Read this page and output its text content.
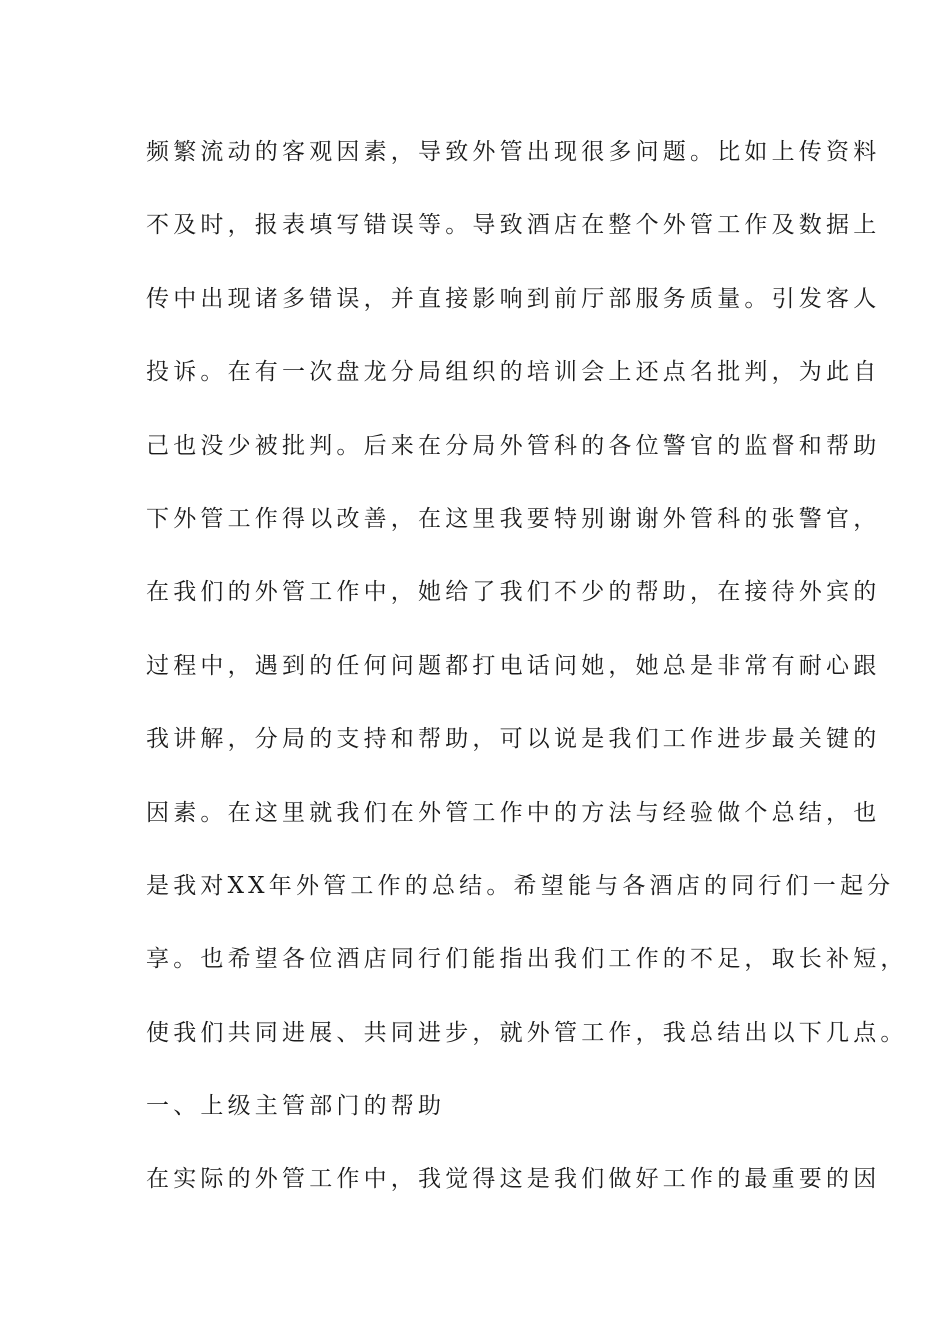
频繁流动的客观因素，导致外管出现很多问题。比如上传资料
不及时，报表填写错误等。导致酒店在整个外管工作及数据上
传中出现诸多错误，并直接影响到前厅部服务质量。引发客人
投诉。在有一次盘龙分局组织的培训会上还点名批判，为此自
己也没少被批判。后来在分局外管科的各位警官的监督和帮助
下外管工作得以改善，在这里我要特别谢谢外管科的张警官，
在我们的外管工作中，她给了我们不少的帮助，在接待外宾的
过程中，遇到的任何问题都打电话问她，她总是非常有耐心跟
我讲解，分局的支持和帮助，可以说是我们工作进步最关键的
因素。在这里就我们在外管工作中的方法与经验做个总结，也
是我对XX年外管工作的总结。希望能与各酒店的同行们一起分
享。也希望各位酒店同行们能指出我们工作的不足，取长补短，
使我们共同进展、共同进步，就外管工作，我总结出以下几点。
一、上级主管部门的帮助
在实际的外管工作中，我觉得这是我们做好工作的最重要的因
